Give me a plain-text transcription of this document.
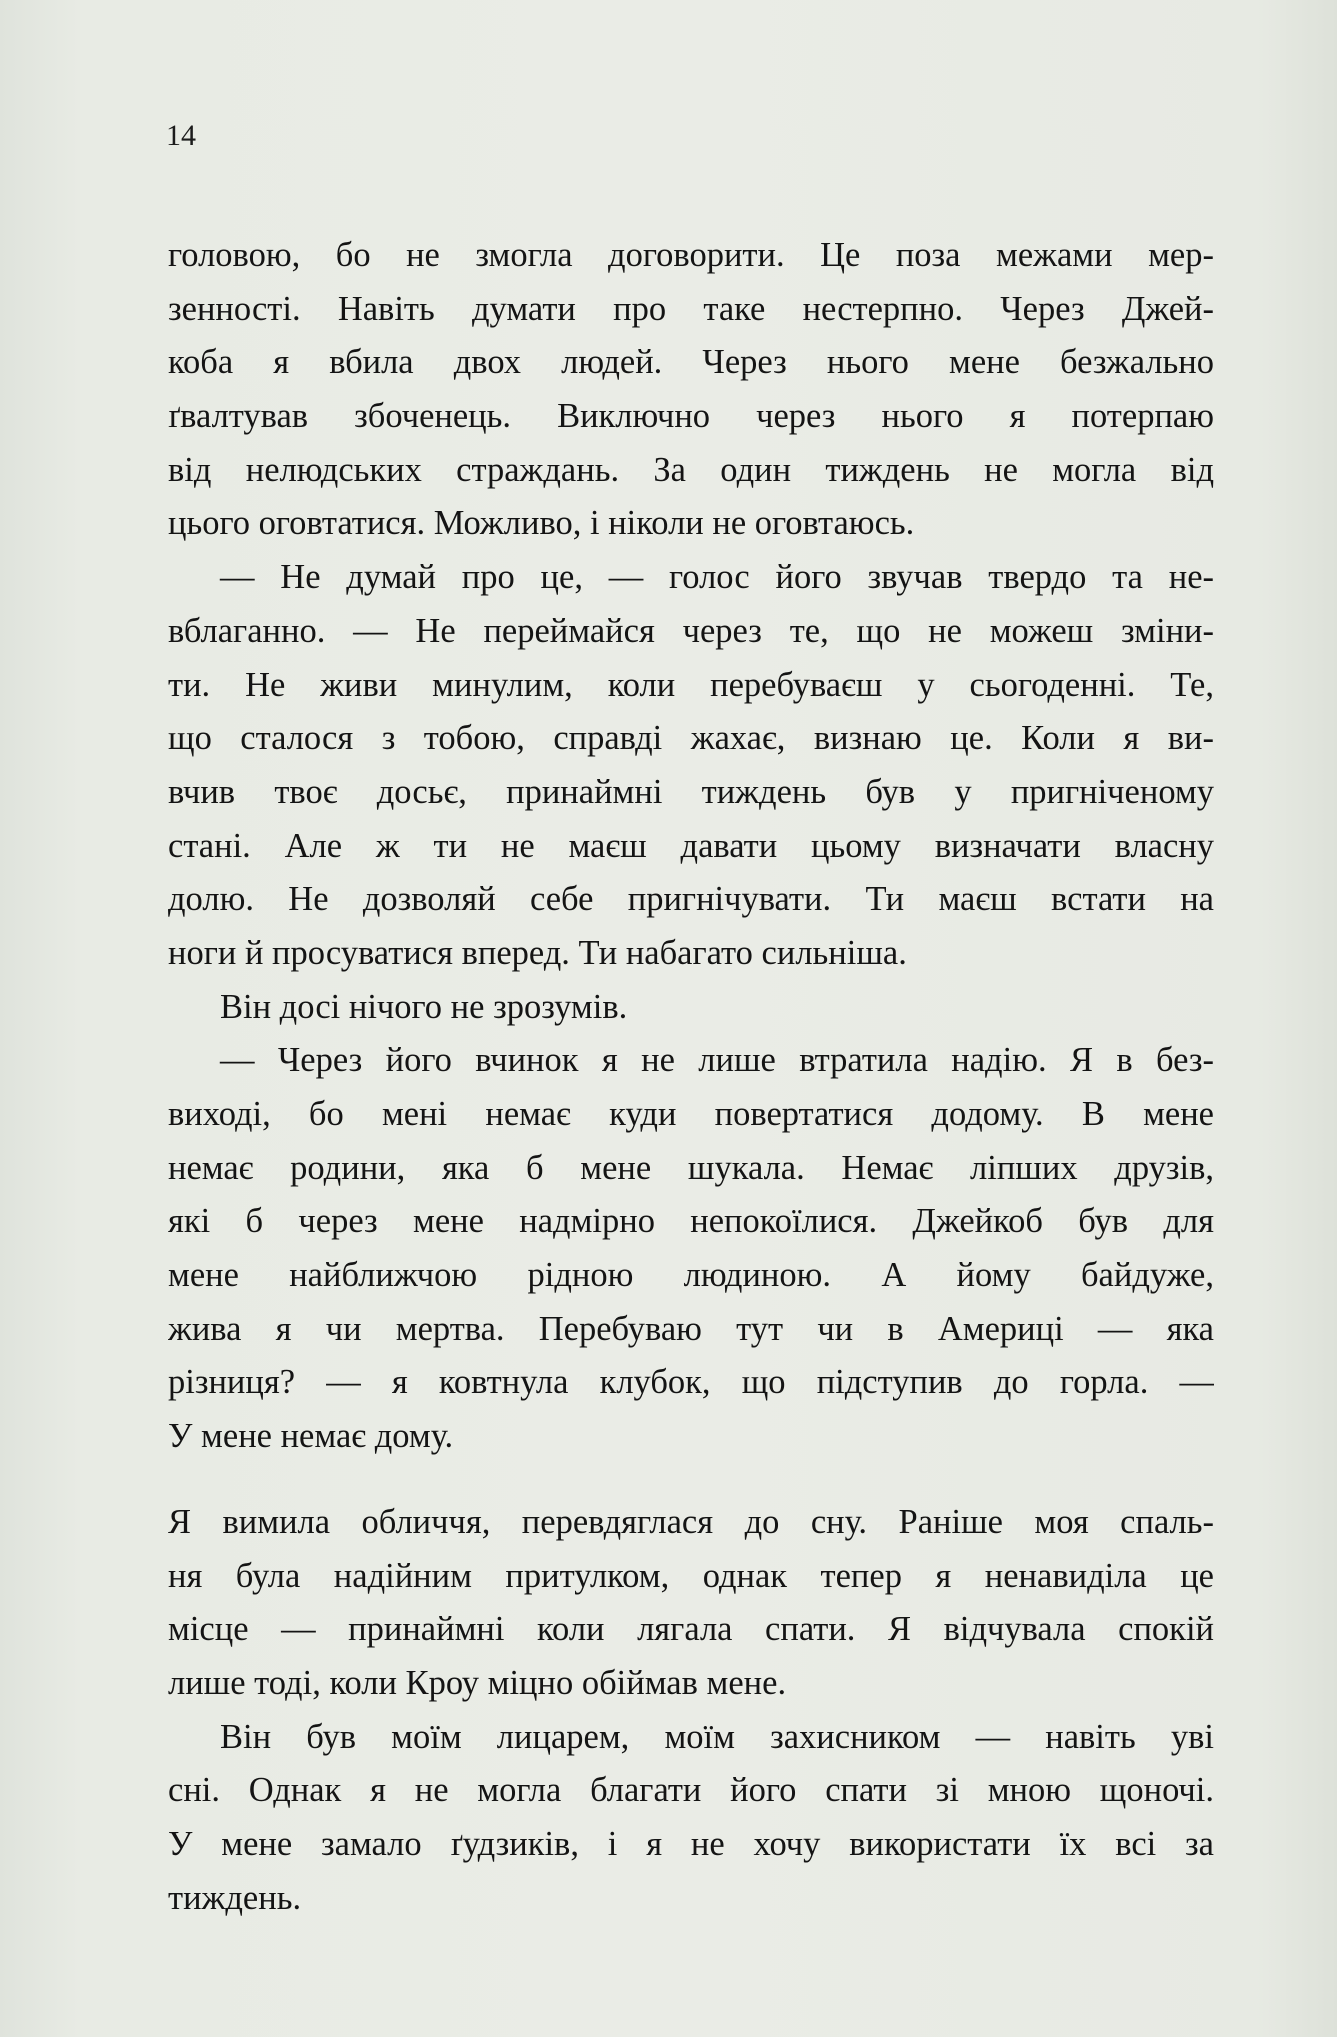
14
головою, бо не змогла договорити. Це поза межами мер-
зенності. Навіть думати про таке нестерпно. Через Джей-
коба я вбила двох людей. Через нього мене безжально
ґвалтував збоченець. Виключно через нього я потерпаю
від нелюдських страждань. За один тиждень не могла від
цього оговтатися. Можливо, і ніколи не оговтаюсь.
— Не думай про це, — голос його звучав твердо та не-
вблаганно. — Не переймайся через те, що не можеш зміни-
ти. Не живи минулим, коли перебуваєш у сьогоденні. Те,
що сталося з тобою, справді жахає, визнаю це. Коли я ви-
вчив твоє досьє, принаймні тиждень був у пригніченому
стані. Але ж ти не маєш давати цьому визначати власну
долю. Не дозволяй себе пригнічувати. Ти маєш встати на
ноги й просуватися вперед. Ти набагато сильніша.
Він досі нічого не зрозумів.
— Через його вчинок я не лише втратила надію. Я в без-
виході, бо мені немає куди повертатися додому. В мене
немає родини, яка б мене шукала. Немає ліпших друзів,
які б через мене надмірно непокоїлися. Джейкоб був для
мене найближчою рідною людиною. А йому байдуже,
жива я чи мертва. Перебуваю тут чи в Америці — яка
різниця? — я ковтнула клубок, що підступив до горла. —
У мене немає дому.
Я вимила обличчя, перевдяглася до сну. Раніше моя спаль-
ня була надійним притулком, однак тепер я ненавиділа це
місце — принаймні коли лягала спати. Я відчувала спокій
лише тоді, коли Кроу міцно обіймав мене.
Він був моїм лицарем, моїм захисником — навіть уві
сні. Однак я не могла благати його спати зі мною щоночі.
У мене замало ґудзиків, і я не хочу використати їх всі за
тиждень.
